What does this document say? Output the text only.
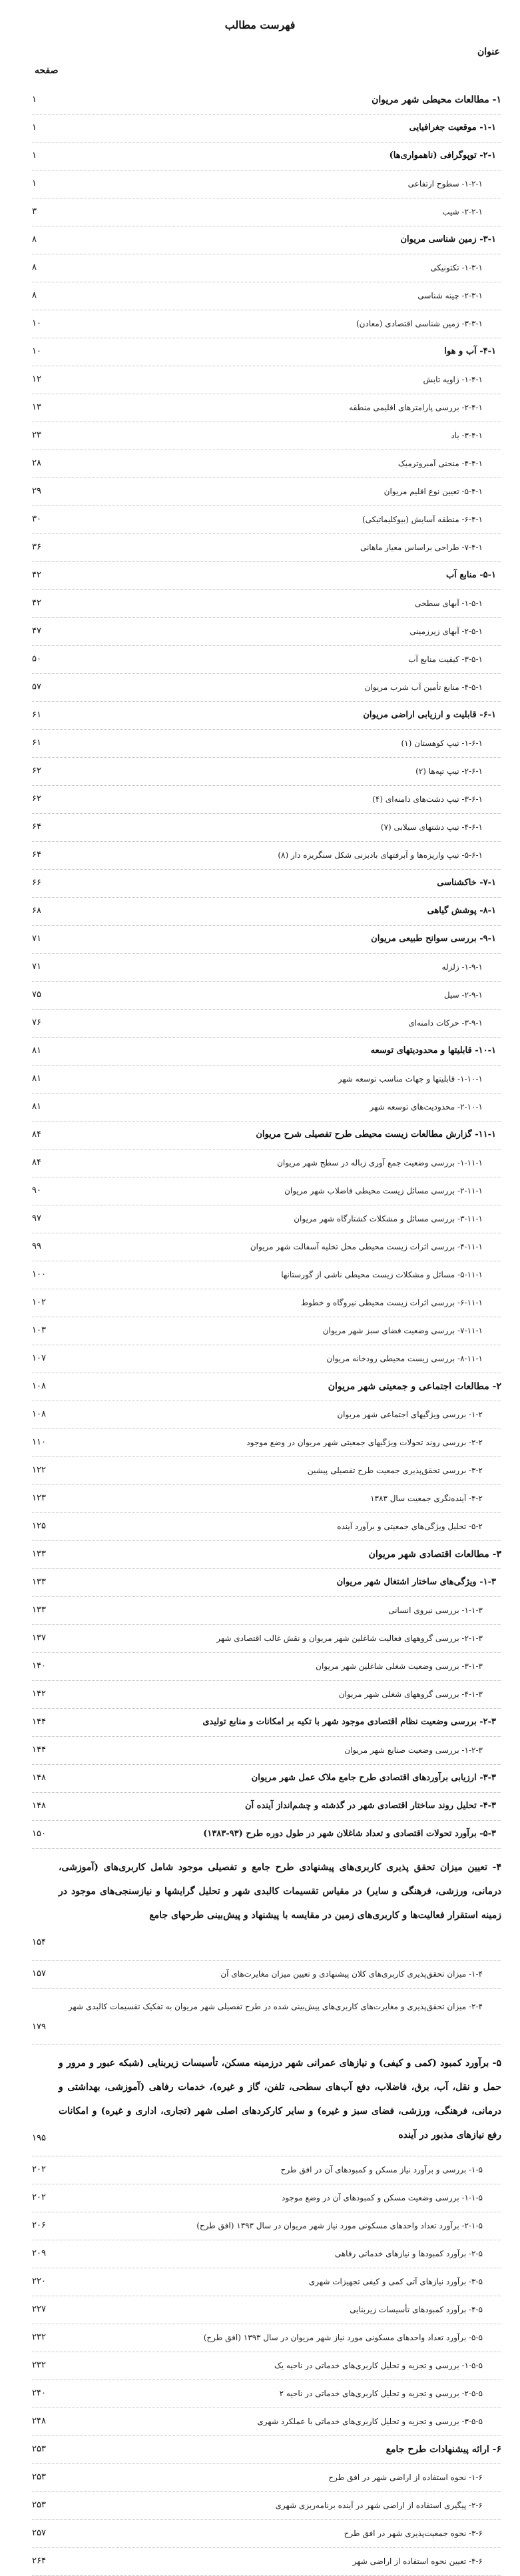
فهرست مطالب
عنوان
صفحه
۱- مطالعات محیطی شهر مریوان
۱
۱-۱- موقعیت جغرافیایی
۱
۲-۱- توپوگرافی (ناهمواری‌ها)
۱
۱-۲-۱- سطوح ارتفاعی
۱
۲-۲-۱- شیب
۳
۳-۱- زمین شناسی مریوان
۸
۱-۳-۱- تکتونیکی
۸
۲-۳-۱- چینه شناسی
۸
۳-۳-۱- زمین شناسی اقتصادی (معادن)
۱۰
۴-۱- آب و هوا
۱۰
۱-۴-۱- زاویه تابش
۱۲
۲-۴-۱- بررسی پارامترهای اقلیمی منطقه
۱۳
۳-۴-۱- باد
۲۳
۴-۴-۱- منحنی آمبروترمیک
۲۸
۵-۴-۱- تعیین نوع اقلیم مریوان
۲۹
۶-۴-۱- منطقه آسایش (بیوکلیماتیکی)
۳۰
۷-۴-۱- طراحی براساس معیار ماهانی
۳۶
۵-۱- منابع آب
۴۲
۱-۵-۱- آبهای سطحی
۴۲
۲-۵-۱- آبهای زیرزمینی
۴۷
۳-۵-۱- کیفیت منابع آب
۵۰
۴-۵-۱- منابع تأمین آب شرب مریوان
۵۷
۶-۱- قابلیت و ارزیابی اراضی مریوان
۶۱
۱-۶-۱- تیپ کوهستان (۱)
۶۱
۲-۶-۱- تیپ تپه‌ها (۲)
۶۲
۳-۶-۱- تیپ دشت‌های دامنه‌ای (۴)
۶۲
۴-۶-۱- تیپ دشتهای سیلابی (۷)
۶۴
۵-۶-۱- تیپ واریزه‌ها و آبرفتهای بادبزنی شکل سنگریزه دار (۸)
۶۴
۷-۱- خاکشناسی
۶۶
۸-۱- پوشش گیاهی
۶۸
۹-۱- بررسی سوانح طبیعی مریوان
۷۱
۱-۹-۱- زلزله
۷۱
۲-۹-۱- سیل
۷۵
۳-۹-۱- حرکات دامنه‌ای
۷۶
۱۰-۱- قابلیتها و محدودیتهای توسعه
۸۱
۱-۱۰-۱- قابلیتها و جهات مناسب توسعه شهر
۸۱
۲-۱۰-۱- محدودیت‌های توسعه شهر
۸۱
۱۱-۱- گزارش مطالعات زیست محیطی طرح تفصیلی شرح مریوان
۸۴
۱-۱۱-۱- بررسی وضعیت جمع آوری زباله در سطح شهر مریوان
۸۴
۲-۱۱-۱- بررسی مسائل زیست محیطی فاضلاب شهر مریوان
۹۰
۳-۱۱-۱- بررسی مسائل و مشکلات کشتارگاه شهر مریوان
۹۷
۴-۱۱-۱- بررسی اثرات زیست محیطی محل تخلیه آسفالت شهر مریوان
۹۹
۵-۱۱-۱- مسائل و مشکلات زیست محیطی ناشی از گورستانها
۱۰۰
۶-۱۱-۱- بررسی اثرات زیست محیطی نیروگاه و خطوط
۱۰۲
۷-۱۱-۱- بررسی وضعیت فضای سبز شهر مریوان
۱۰۳
۸-۱۱-۱- بررسی زیست محیطی رودخانه مریوان
۱۰۷
۲- مطالعات اجتماعی و جمعیتی شهر مریوان
۱۰۸
۱-۲- بررسی ویژگیهای اجتماعی شهر مریوان
۱۰۸
۲-۲- بررسی روند تحولات ویژگیهای جمعیتی شهر مریوان در وضع موجود
۱۱۰
۳-۲- بررسی تحقق‌پذیری جمعیت طرح تفصیلی پیشین
۱۲۲
۴-۲- آینده‌نگری جمعیت سال ۱۳۸۳
۱۲۳
۵-۲- تحلیل ویژگی‌های جمعیتی و برآورد آینده
۱۲۵
۳- مطالعات اقتصادی شهر مریوان
۱۳۳
۱-۳- ویژگی‌های ساختار اشتغال شهر مریوان
۱۳۳
۱-۱-۳- بررسی نیروی انسانی
۱۳۳
۲-۱-۳- بررسی گروههای فعالیت شاغلین شهر مریوان و نقش غالب اقتصادی شهر
۱۳۷
۳-۱-۳- بررسی وضعیت شغلی شاغلین شهر مریوان
۱۴۰
۴-۱-۳- بررسی گروههای شغلی شهر مریوان
۱۴۲
۲-۳- بررسی وضعیت نظام اقتصادی موجود شهر با تکیه بر امکانات و منابع تولیدی
۱۴۴
۱-۲-۳- بررسی وضعیت صنایع شهر مریوان
۱۴۴
۳-۳- ارزیابی برآوردهای اقتصادی طرح جامع ملاک عمل شهر مریوان
۱۴۸
۴-۳- تحلیل روند ساختار اقتصادی شهر در گذشته و چشم‌انداز آینده آن
۱۴۸
۵-۳- برآورد تحولات اقتصادی و تعداد شاغلان شهر در طول دوره طرح (۹۳-۱۳۸۳)
۱۵۰
۴- تعیین میزان تحقق پذیری کاربری‌های پیشنهادی طرح جامع و تفصیلی موجود شامل کاربری‌های (آموزشی، درمانی، ورزشی، فرهنگی و سایر) در مقیاس تقسیمات کالبدی شهر و تحلیل گرایشها و نیازسنجی‌های موجود در زمینه استقرار فعالیت‌ها و کاربری‌های زمین در مقایسه با پیشنهاد و پیش‌بینی طرحهای جامع
۱۵۴
۱-۴- میزان تحقق‌پذیری کاربری‌های کلان پیشنهادی و تعیین میزان مغایرت‌های آن
۱۵۷
۲-۴- میزان تحقق‌پذیری و مغایرت‌های کاربری‌های پیش‌بینی شده در طرح تفصیلی شهر مریوان به تفکیک تقسیمات کالبدی شهر
۱۷۹
۵- برآورد کمبود (کمی و کیفی) و نیازهای عمرانی شهر درزمینه مسکن، تأسیسات زیربنایی (شبکه عبور و مرور و حمل و نقل، آب، برق، فاضلاب، دفع آب‌های سطحی، تلفن، گاز و غیره)، خدمات رفاهی (آموزشی، بهداشتی و درمانی، فرهنگی، ورزشی، فضای سبز و غیره) و سایر کارکردهای اصلی شهر (تجاری، اداری و غیره) و امکانات رفع نیازهای مذبور در آینده
۱۹۵
۱-۵- بررسی و برآورد نیاز مسکن و کمبودهای آن در افق طرح
۲۰۲
۱-۱-۵- بررسی وضعیت مسکن و کمبودهای آن در وضع موجود
۲۰۲
۲-۱-۵- برآورد تعداد واحدهای مسکونی مورد نیاز شهر مریوان در سال ۱۳۹۳ (افق طرح)
۲۰۶
۲-۵- برآورد کمبودها و نیازهای خدماتی رفاهی
۲۰۹
۳-۵- برآورد نیازهای آتی کمی و کیفی تجهیزات شهری
۲۲۰
۴-۵- برآورد کمبودهای تأسیسات زیربنایی
۲۲۷
۵-۵- برآورد تعداد واحدهای مسکونی مورد نیاز شهر مریوان در سال ۱۳۹۳ (افق طرح)
۲۳۲
۱-۵-۵- بررسی و تجزیه و تحلیل کاربری‌های خدماتی در ناحیه یک
۲۳۲
۲-۵-۵- بررسی و تجزیه و تحلیل کاربری‌های خدماتی در ناحیه ۲
۲۴۰
۳-۵-۵- بررسی و تجزیه و تحلیل کاربری‌های خدماتی با عملکرد شهری
۲۴۸
۶- ارائه پیشنهادات طرح جامع
۲۵۳
۱-۶- نحوه استفاده از اراضی شهر در افق طرح
۲۵۳
۲-۶- پیگیری استفاده از اراضی شهر در آینده برنامه‌ریزی شهری
۲۵۳
۳-۶- نحوه جمعیت‌پذیری شهر در افق طرح
۲۵۷
۴-۶- تعیین نحوه استفاده از اراضی شهر
۲۶۴
